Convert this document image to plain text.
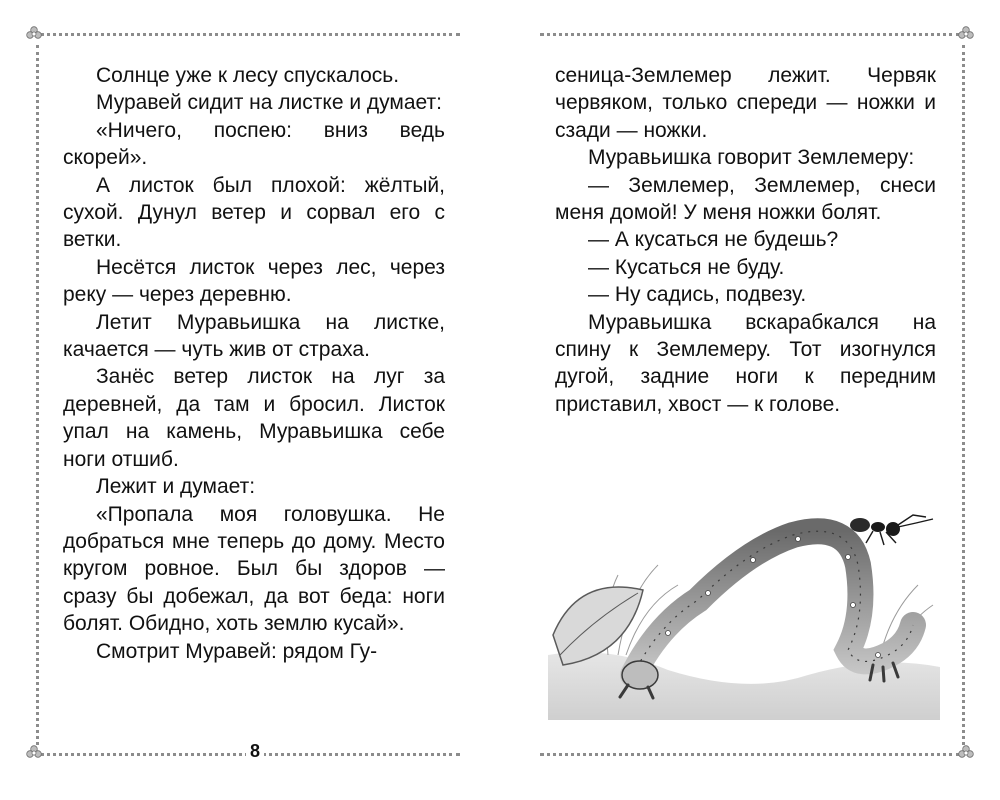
Солнце уже к лесу спускалось.

Муравей сидит на листке и думает:

«Ничего, поспею: вниз ведь скорей».

А листок был плохой: жёлтый, сухой. Дунул ветер и сорвал его с ветки.

Несётся листок через лес, через реку — через деревню.

Летит Муравьишка на листке, качается — чуть жив от страха.

Занёс ветер листок на луг за деревней, да там и бросил. Листок упал на камень, Муравьишка себе ноги отшиб.

Лежит и думает:

«Пропала моя головушка. Не добраться мне теперь до дому. Место кругом ровное. Был бы здоров — сразу бы добежал, да вот беда: ноги болят. Обидно, хоть землю кусай».

Смотрит Муравей: рядом Гу-

8

сеница-Землемер лежит. Червяк червяком, только спереди — ножки и сзади — ножки.

Муравьишка говорит Землемеру:

— Землемер, Землемер, снеси меня домой! У меня ножки болят.

— А кусаться не будешь?

— Кусаться не буду.

— Ну садись, подвезу.

Муравьишка вскарабкался на спину к Землемеру. Тот изогнулся дугой, задние ноги к передним приставил, хвост — к голове.
